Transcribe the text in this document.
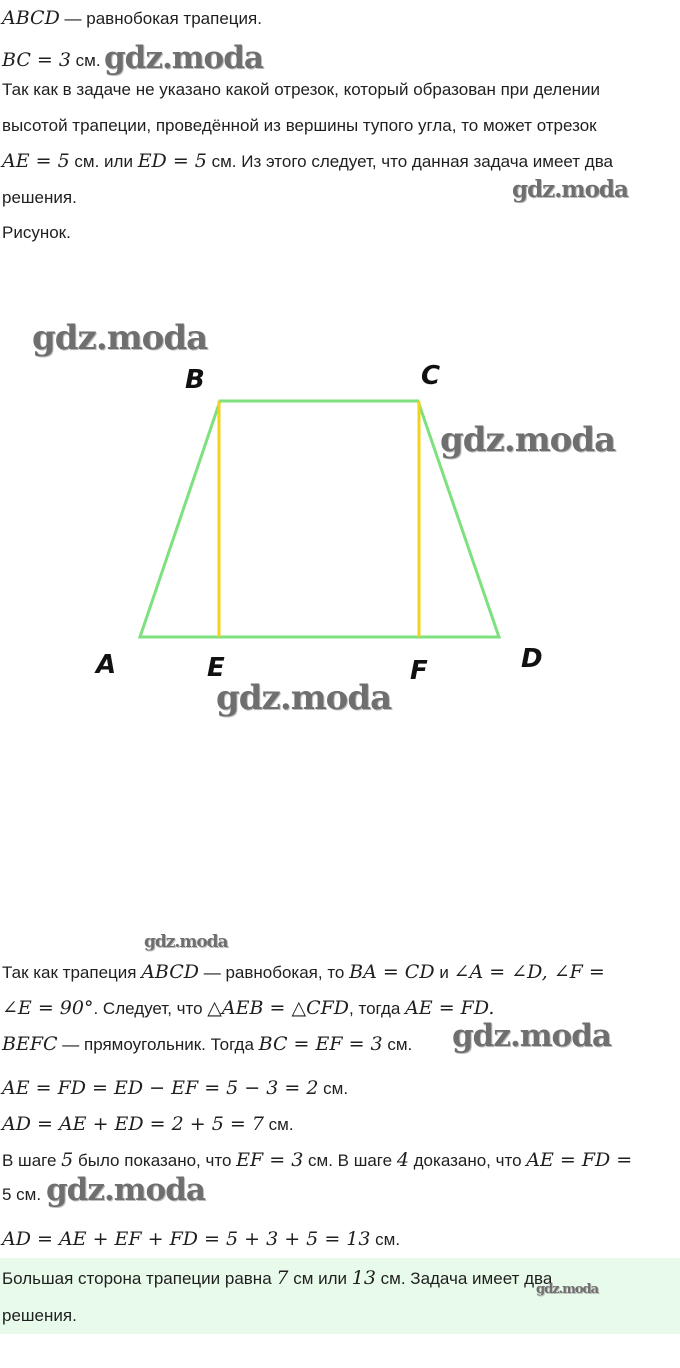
ABCD — равнобокая трапеция.
BC = 3 см.
Так как в задаче не указано какой отрезок, который образован при делении
высотой трапеции, проведённой из вершины тупого угла, то может отрезок
AE = 5 см. или ED = 5 см. Из этого следует, что данная задача имеет два
решения.
Рисунок.
B	C
A	E	F	D
Так как трапеция ABCD — равнобокая, то BA = CD и ∠A = ∠D, ∠F =
∠E = 90°. Следует, что △AEB = △CFD, тогда AE = FD.
BEFC — прямоугольник. Тогда BC = EF = 3 см.
AE = FD = ED − EF = 5 − 3 = 2 см.
AD = AE + ED = 2 + 5 = 7 см.
В шаге 5 было показано, что EF = 3 см. В шаге 4 доказано, что AE = FD =
5 см.
AD = AE + EF + FD = 5 + 3 + 5 = 13 см.
Большая сторона трапеции равна 7 см или 13 см. Задача имеет два
решения.
gdz.moda
gdz.moda
gdz.moda
gdz.moda
gdz.moda
gdz.moda
gdz.moda
gdz.moda
gdz.moda
